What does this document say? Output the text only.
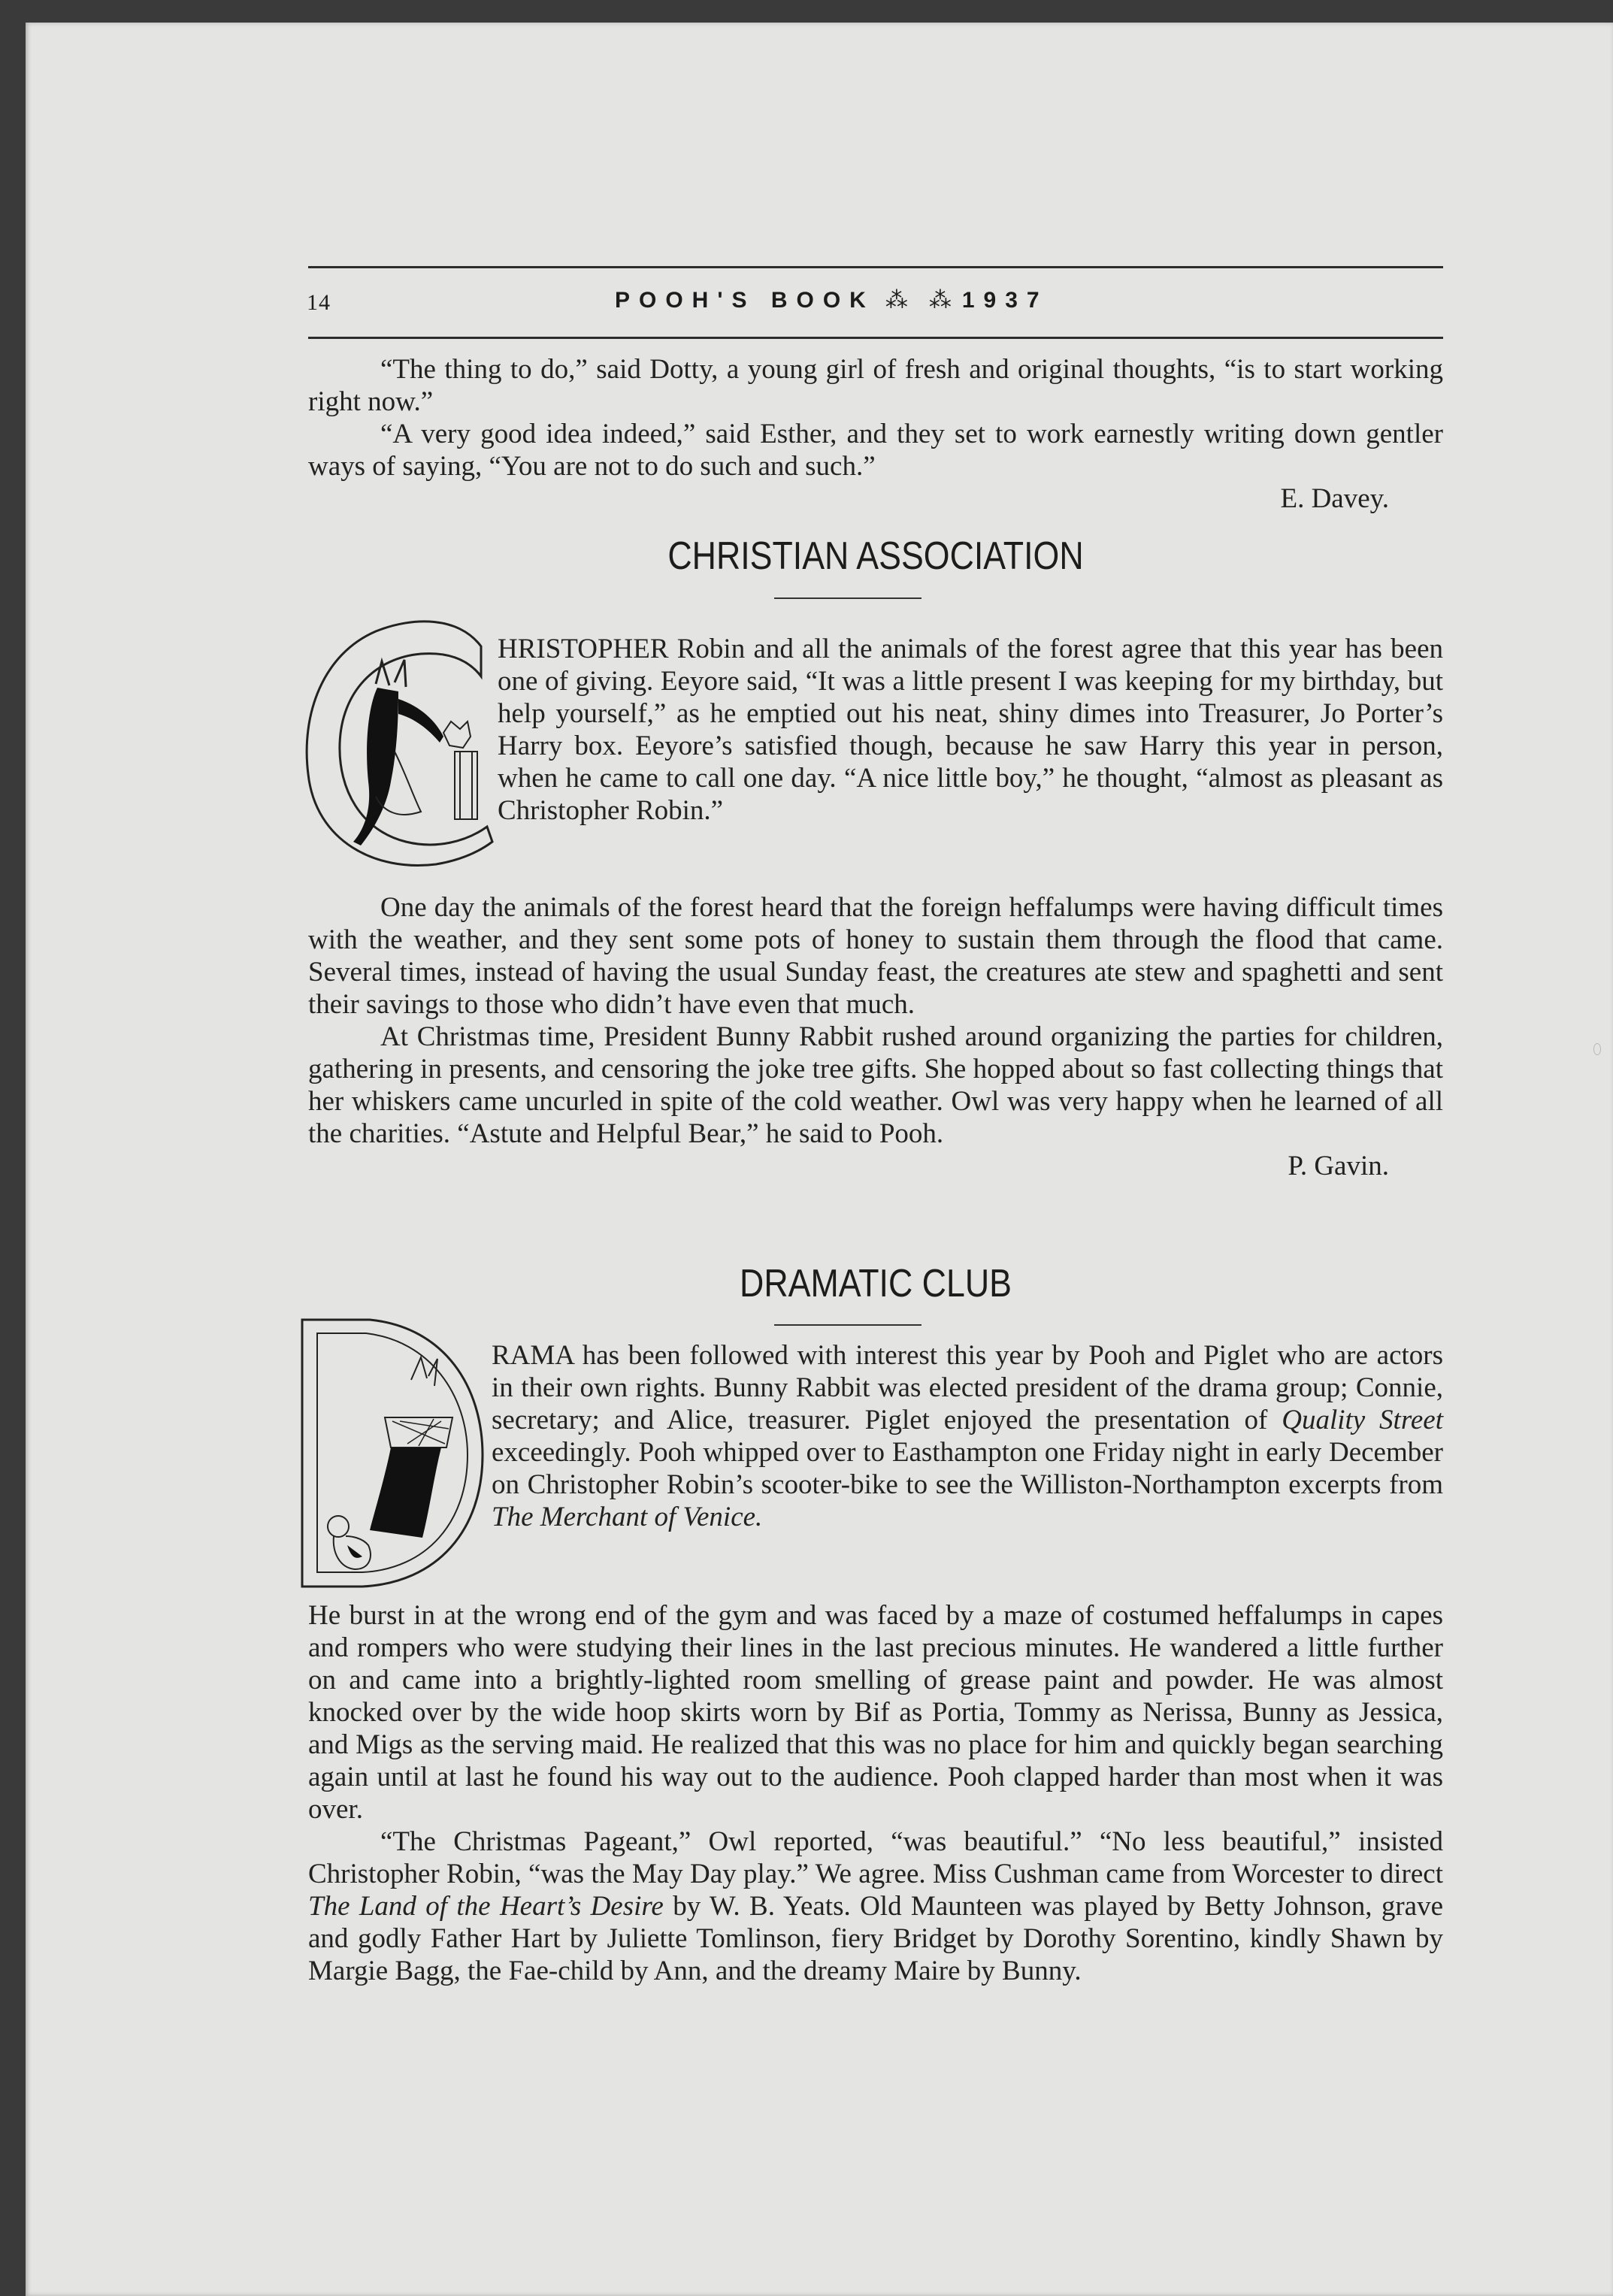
14	POOH'S BOOK ⁂ ⁂ 1937

“The thing to do,” said Dotty, a young girl of fresh and original thoughts, “is to start working right now.”

“A very good idea indeed,” said Esther, and they set to work earnestly writing down gentler ways of saying, “You are not to do such and such.”

E. Davey.
CHRISTIAN ASSOCIATION
HRISTOPHER Robin and all the animals of the forest agree that this year has been one of giving. Eeyore said, “It was a little present I was keeping for my birthday, but help yourself,” as he emptied out his neat, shiny dimes into Treasurer, Jo Porter’s Harry box. Eeyore’s satisfied though, because he saw Harry this year in person, when he came to call one day. “A nice little boy,” he thought, “almost as pleasant as Christopher Robin.”

One day the animals of the forest heard that the foreign heffalumps were having difficult times with the weather, and they sent some pots of honey to sustain them through the flood that came. Several times, instead of having the usual Sunday feast, the creatures ate stew and spaghetti and sent their savings to those who didn’t have even that much.

At Christmas time, President Bunny Rabbit rushed around organizing the parties for children, gathering in presents, and censoring the joke tree gifts. She hopped about so fast collecting things that her whiskers came uncurled in spite of the cold weather. Owl was very happy when he learned of all the charities. “Astute and Helpful Bear,” he said to Pooh.

P. Gavin.
DRAMATIC CLUB
RAMA has been followed with interest this year by Pooh and Piglet who are actors in their own rights. Bunny Rabbit was elected president of the drama group; Connie, secretary; and Alice, treasurer. Piglet enjoyed the presentation of Quality Street exceedingly. Pooh whipped over to Easthampton one Friday night in early December on Christopher Robin’s scooter-bike to see the Williston-Northampton excerpts from The Merchant of Venice.

He burst in at the wrong end of the gym and was faced by a maze of costumed heffalumps in capes and rompers who were studying their lines in the last precious minutes. He wandered a little further on and came into a brightly-lighted room smelling of grease paint and powder. He was almost knocked over by the wide hoop skirts worn by Bif as Portia, Tommy as Nerissa, Bunny as Jessica, and Migs as the serving maid. He realized that this was no place for him and quickly began searching again until at last he found his way out to the audience. Pooh clapped harder than most when it was over.

“The Christmas Pageant,” Owl reported, “was beautiful.” “No less beautiful,” insisted Christopher Robin, “was the May Day play.” We agree. Miss Cushman came from Worcester to direct The Land of the Heart’s Desire by W. B. Yeats. Old Maunteen was played by Betty Johnson, grave and godly Father Hart by Juliette Tomlinson, fiery Bridget by Dorothy Sorentino, kindly Shawn by Margie Bagg, the Fae-child by Ann, and the dreamy Maire by Bunny.
